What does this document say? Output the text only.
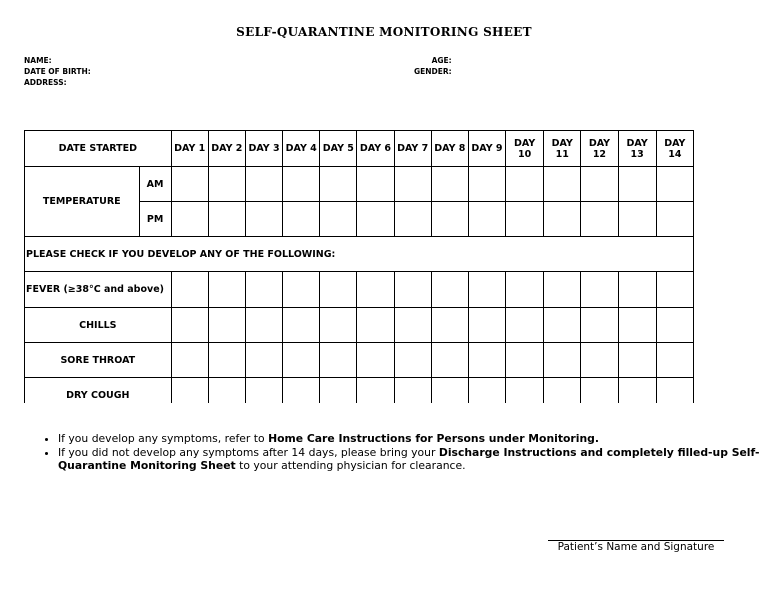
SELF-QUARANTINE MONITORING SHEET
NAME:
DATE OF BIRTH:
ADDRESS:
AGE:
GENDER:
DATE STARTED		DAY 1	DAY 2	DAY 3	DAY 4	DAY 5	DAY 6	DAY 7	DAY 8	DAY 9	DAY 10	DAY 11	DAY 12	DAY 13	DAY 14
TEMPERATURE	AM														
	PM														
PLEASE CHECK IF YOU DEVELOP ANY OF THE FOLLOWING:															
FEVER (≥38°C and above)															
CHILLS															
SORE THROAT															
DRY COUGH															
• If you develop any symptoms, refer to Home Care Instructions for Persons under Monitoring.
• If you did not develop any symptoms after 14 days, please bring your Discharge Instructions and completely filled-up Self-Quarantine Monitoring Sheet to your attending physician for clearance.
Patient’s Name and Signature
